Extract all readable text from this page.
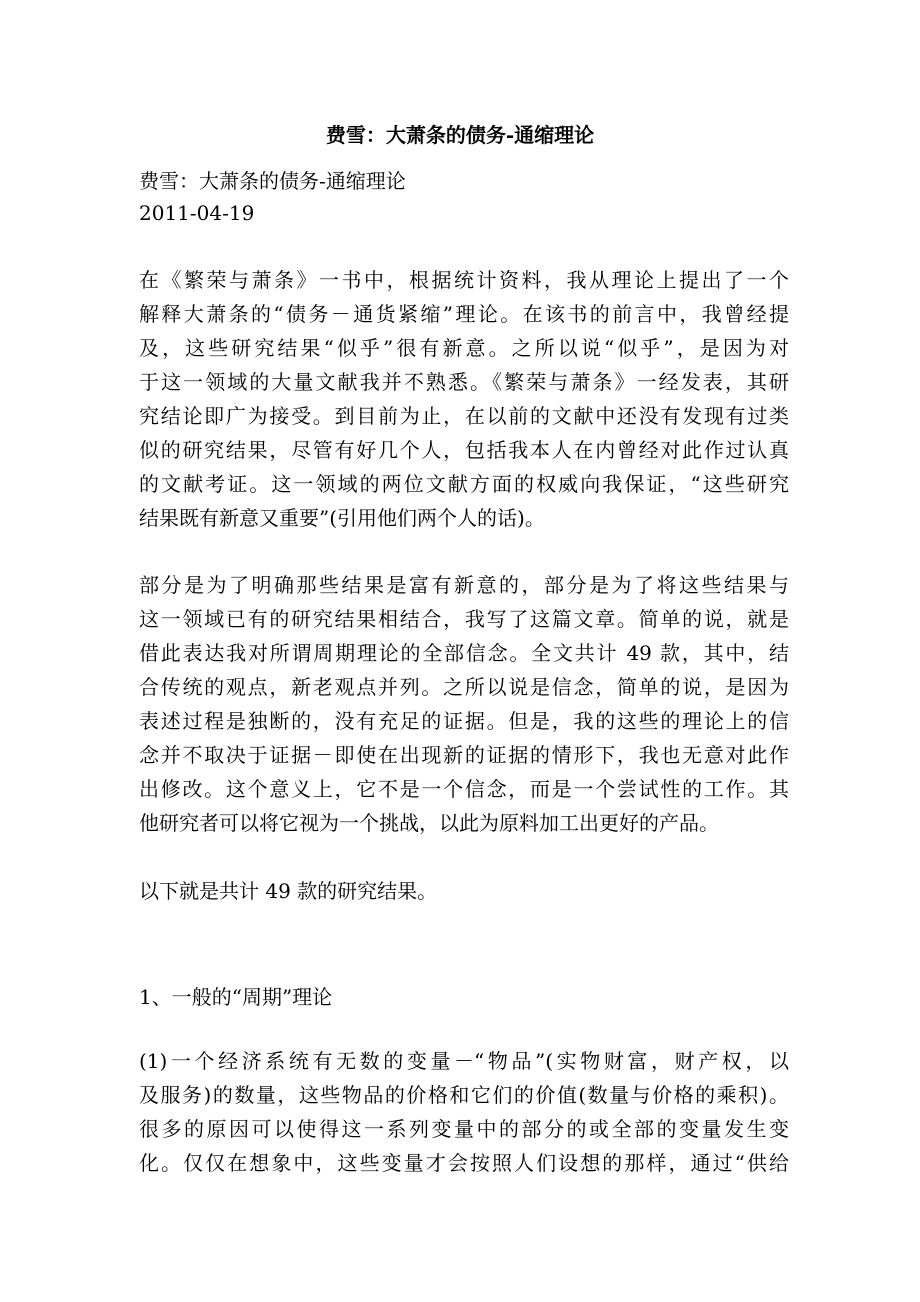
费雪：大萧条的债务-通缩理论

费雪：大萧条的债务-通缩理论

2011-04-19

在《繁荣与萧条》一书中，根据统计资料，我从理论上提出了一个
解释大萧条的“债务－通货紧缩”理论。在该书的前言中，我曾经提
及，这些研究结果“似乎”很有新意。之所以说“似乎”，是因为对
于这一领域的大量文献我并不熟悉。《繁荣与萧条》一经发表，其研
究结论即广为接受。到目前为止，在以前的文献中还没有发现有过类
似的研究结果，尽管有好几个人，包括我本人在内曾经对此作过认真
的文献考证。这一领域的两位文献方面的权威向我保证，“这些研究
结果既有新意又重要”(引用他们两个人的话)。
部分是为了明确那些结果是富有新意的，部分是为了将这些结果与
这一领域已有的研究结果相结合，我写了这篇文章。简单的说，就是
借此表达我对所谓周期理论的全部信念。全文共计 49 款，其中，结
合传统的观点，新老观点并列。之所以说是信念，简单的说，是因为
表述过程是独断的，没有充足的证据。但是，我的这些的理论上的信
念并不取决于证据－即使在出现新的证据的情形下，我也无意对此作
出修改。这个意义上，它不是一个信念，而是一个尝试性的工作。其
他研究者可以将它视为一个挑战，以此为原料加工出更好的产品。
以下就是共计 49 款的研究结果。
1、一般的“周期”理论
(1)一个经济系统有无数的变量－“物品”(实物财富，财产权，以
及服务)的数量，这些物品的价格和它们的价值(数量与价格的乘积)。
很多的原因可以使得这一系列变量中的部分的或全部的变量发生变
化。仅仅在想象中，这些变量才会按照人们设想的那样，通过“供给
